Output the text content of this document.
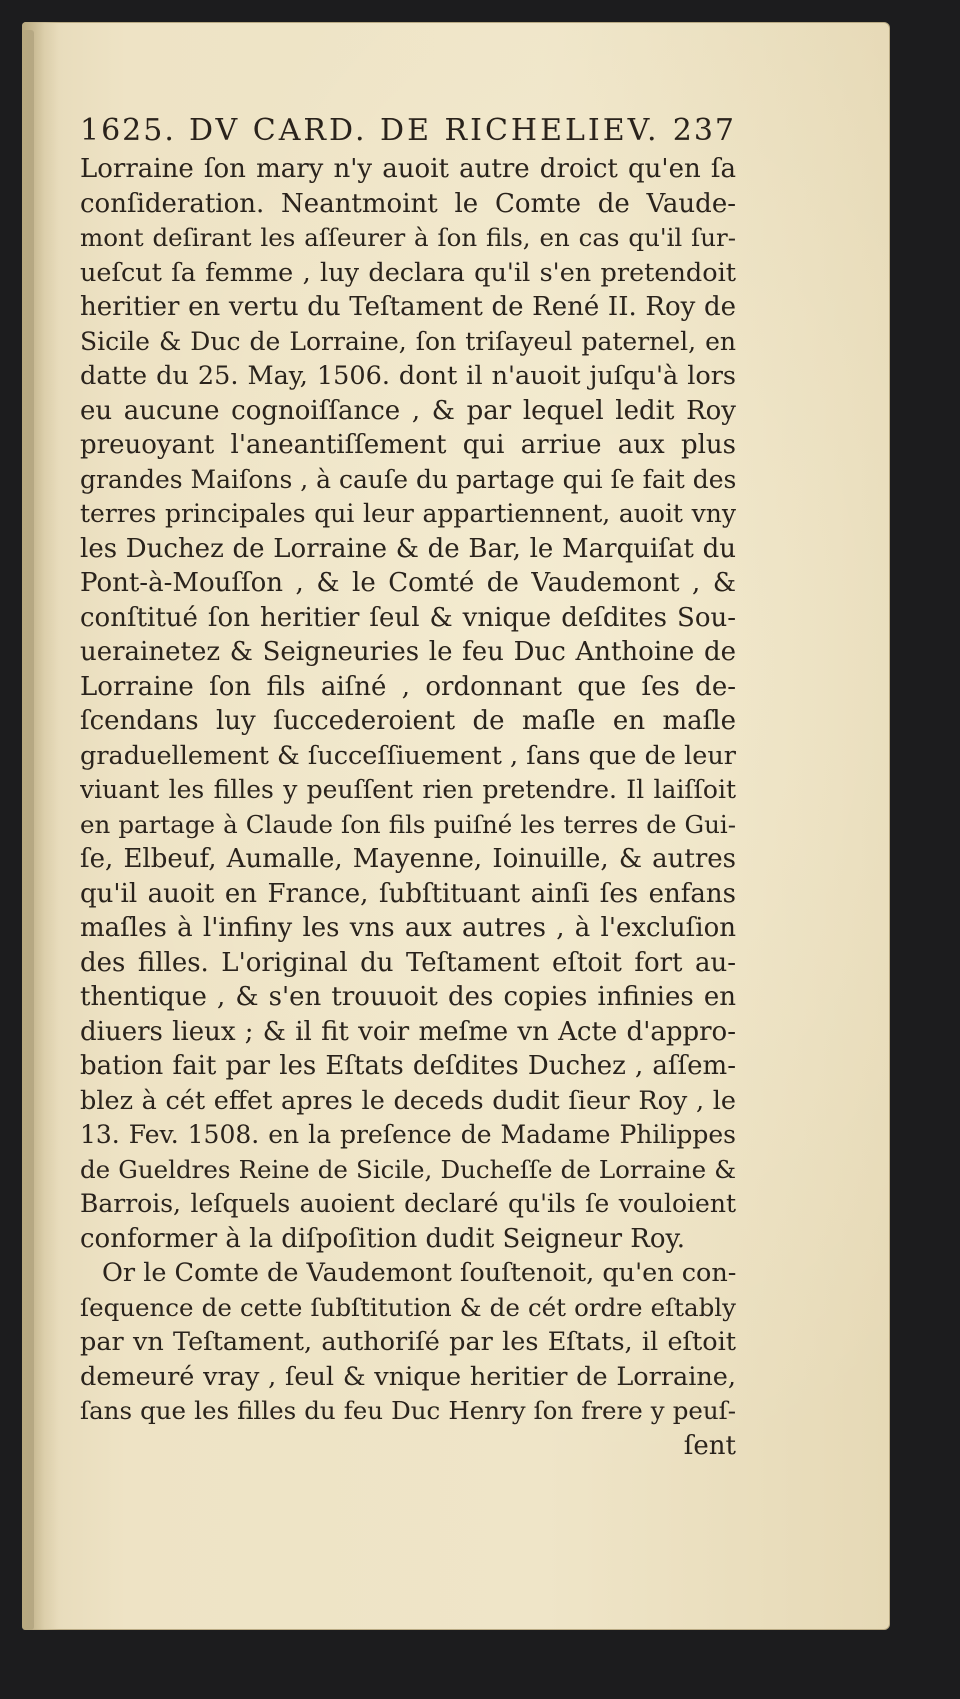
1625. DV CARD. DE RICHELIEV. 237
Lorraine ſon mary n'y auoit autre droict qu'en ſa
conſideration. Neantmoint le Comte de Vaude-
mont deſirant les aſſeurer à ſon fils, en cas qu'il ſur-
ueſcut ſa femme , luy declara qu'il s'en pretendoit
heritier en vertu du Teſtament de René II. Roy de
Sicile & Duc de Lorraine, ſon triſayeul paternel, en
datte du 25. May, 1506. dont il n'auoit juſqu'à lors
eu aucune cognoiſſance , & par lequel ledit Roy
preuoyant l'aneantiſſement qui arriue aux plus
grandes Maiſons , à cauſe du partage qui ſe fait des
terres principales qui leur appartiennent, auoit vny
les Duchez de Lorraine & de Bar, le Marquiſat du
Pont-à-Mouſſon , & le Comté de Vaudemont , &
conſtitué ſon heritier ſeul & vnique deſdites Sou-
uerainetez & Seigneuries le feu Duc Anthoine de
Lorraine ſon fils aiſné , ordonnant que ſes de-
ſcendans luy ſuccederoient de maſle en maſle
graduellement & ſucceſſiuement , ſans que de leur
viuant les filles y peuſſent rien pretendre. Il laiſſoit
en partage à Claude ſon fils puiſné les terres de Gui-
ſe, Elbeuf, Aumalle, Mayenne, Ioinuille, & autres
qu'il auoit en France, ſubſtituant ainſi ſes enfans
maſles à l'infiny les vns aux autres , à l'excluſion
des filles. L'original du Teſtament eſtoit fort au-
thentique , & s'en trouuoit des copies infinies en
diuers lieux ; & il fit voir meſme vn Acte d'appro-
bation fait par les Eſtats deſdites Duchez , aſſem-
blez à cét effet apres le deceds dudit ſieur Roy , le
13. Fev. 1508. en la preſence de Madame Philippes
de Gueldres Reine de Sicile, Ducheſſe de Lorraine &
Barrois, leſquels auoient declaré qu'ils ſe vouloient
conformer à la diſpoſition dudit Seigneur Roy.
Or le Comte de Vaudemont ſouſtenoit, qu'en con-
ſequence de cette ſubſtitution & de cét ordre eſtably
par vn Teſtament, authoriſé par les Eſtats, il eſtoit
demeuré vray , ſeul & vnique heritier de Lorraine,
ſans que les filles du feu Duc Henry ſon frere y peuſ-
ſent
